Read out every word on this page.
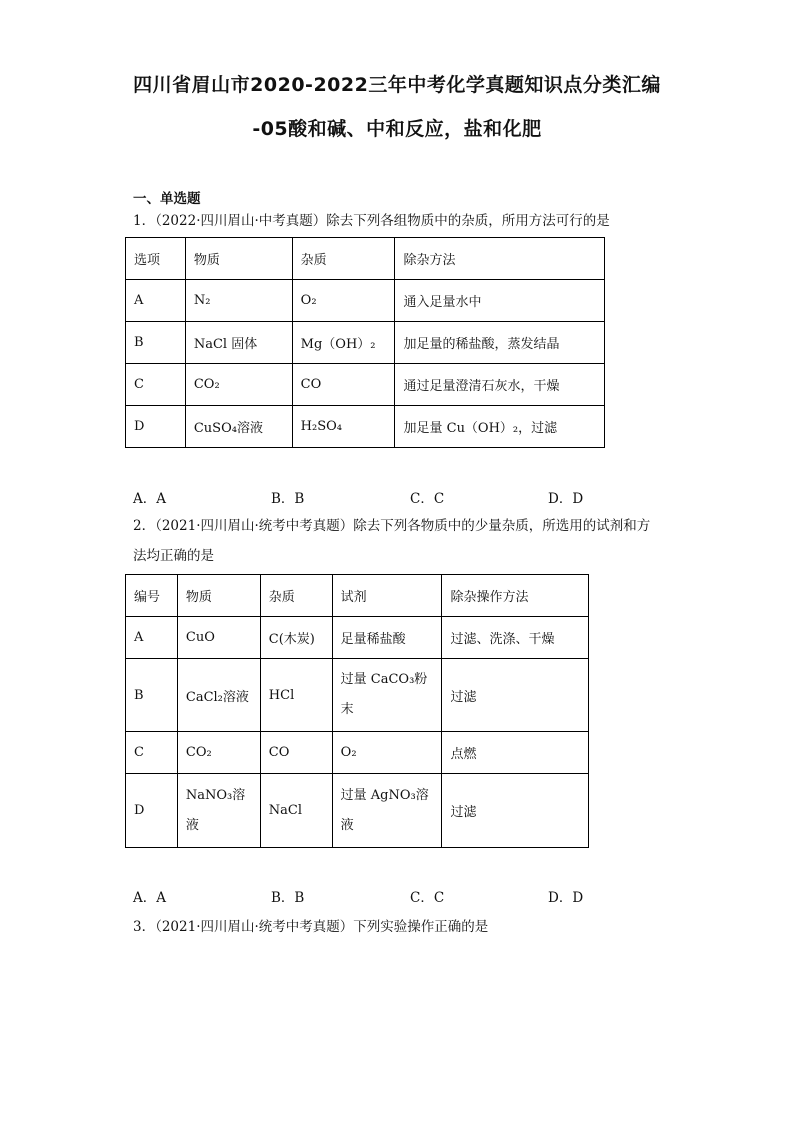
四川省眉山市2020-2022三年中考化学真题知识点分类汇编
-05酸和碱、中和反应，盐和化肥
一、单选题
1．（2022·四川眉山·中考真题）除去下列各组物质中的杂质，所用方法可行的是
选项	物质	杂质	除杂方法
A	N₂	O₂	通入足量水中
B	NaCl 固体	Mg（OH）₂	加足量的稀盐酸，蒸发结晶
C	CO₂	CO	通过足量澄清石灰水，干燥
D	CuSO₄溶液	H₂SO₄	加足量 Cu（OH）₂，过滤
A．A	B．B	C．C	D．D
2．（2021·四川眉山·统考中考真题）除去下列各物质中的少量杂质，所选用的试剂和方
法均正确的是
编号	物质	杂质	试剂	除杂操作方法
A	CuO	C(木炭)	足量稀盐酸	过滤、洗涤、干燥
B	CaCl₂溶液	HCl	过量 CaCO₃粉末	过滤
C	CO₂	CO	O₂	点燃
D	NaNO₃溶液	NaCl	过量 AgNO₃溶液	过滤
A．A	B．B	C．C	D．D
3．（2021·四川眉山·统考中考真题）下列实验操作正确的是
